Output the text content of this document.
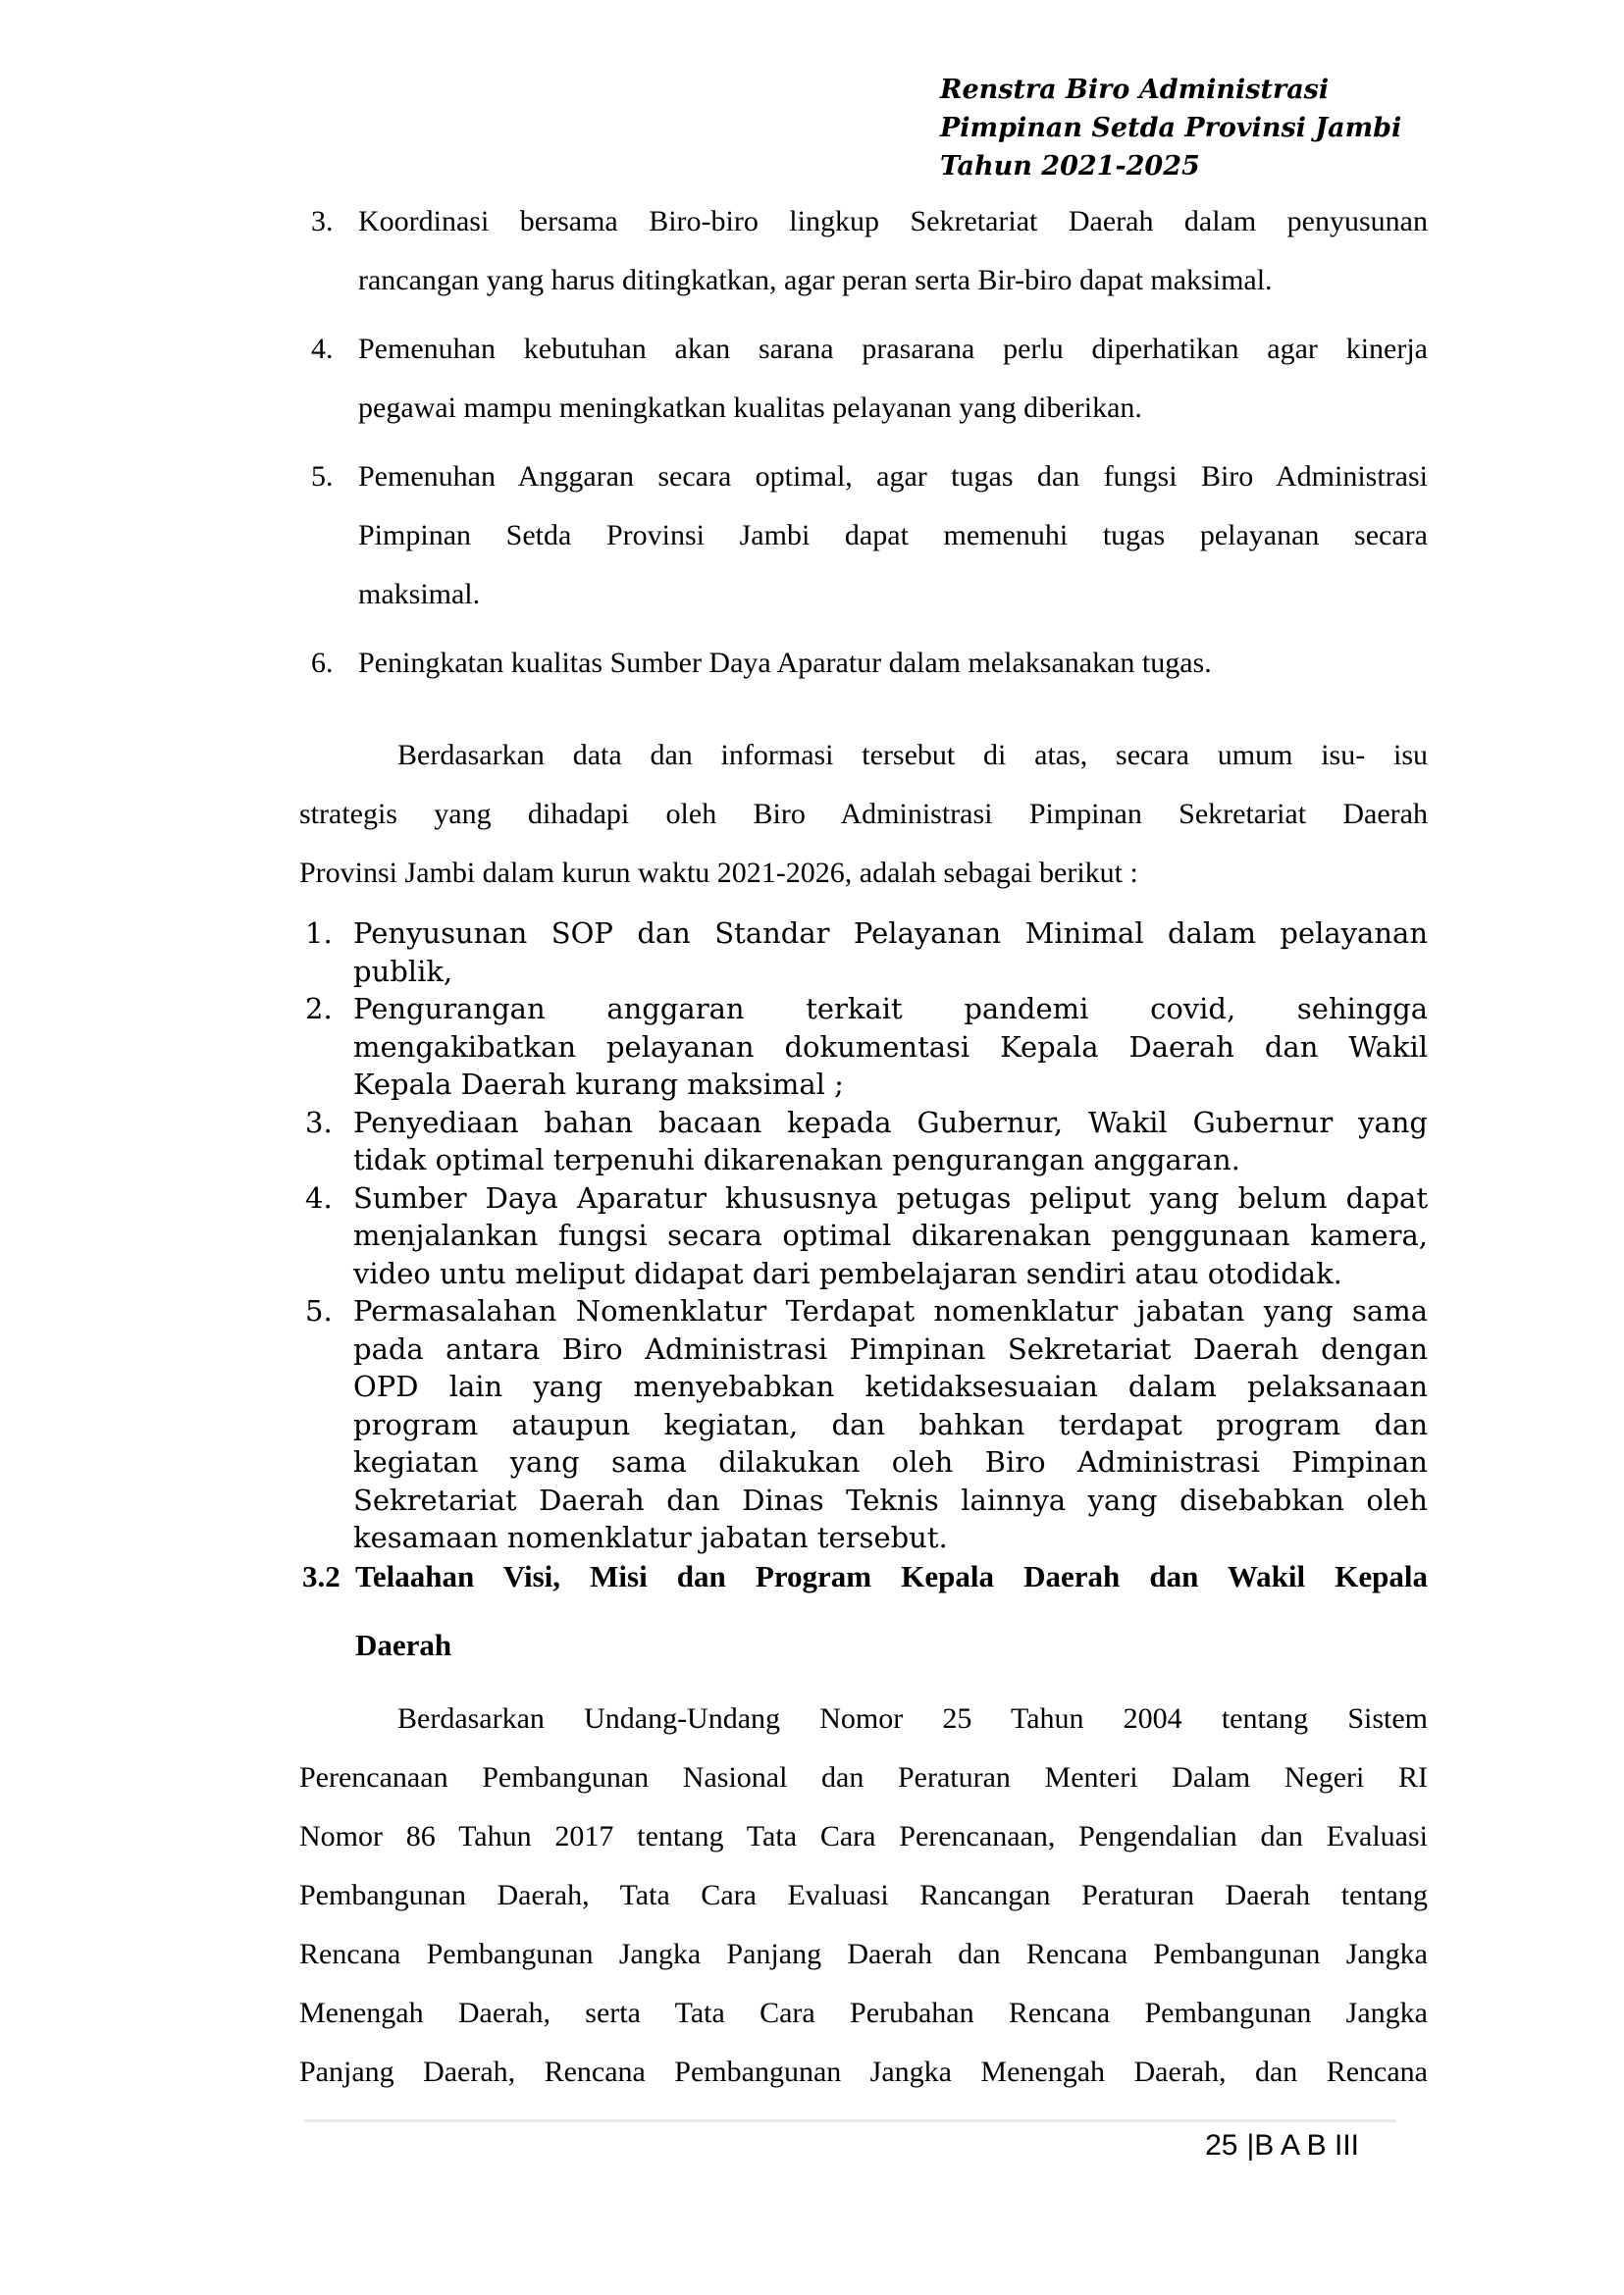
Renstra Biro Administrasi
Pimpinan Setda Provinsi Jambi
Tahun 2021-2025
3. Koordinasi bersama Biro-biro lingkup Sekretariat Daerah dalam penyusunan
rancangan yang harus ditingkatkan, agar peran serta Bir-biro dapat maksimal.
4. Pemenuhan kebutuhan akan sarana prasarana perlu diperhatikan agar kinerja
pegawai mampu meningkatkan kualitas pelayanan yang diberikan.
5. Pemenuhan Anggaran secara optimal, agar tugas dan fungsi Biro Administrasi
Pimpinan Setda Provinsi Jambi dapat memenuhi tugas pelayanan secara
maksimal.
6. Peningkatan kualitas Sumber Daya Aparatur dalam melaksanakan tugas.
Berdasarkan data dan informasi tersebut di atas, secara umum isu- isu
strategis yang dihadapi oleh Biro Administrasi Pimpinan Sekretariat Daerah
Provinsi Jambi dalam kurun waktu 2021-2026, adalah sebagai berikut :
1. Penyusunan SOP dan Standar Pelayanan Minimal dalam pelayanan
publik,
2. Pengurangan anggaran terkait pandemi covid, sehingga
mengakibatkan pelayanan dokumentasi Kepala Daerah dan Wakil
Kepala Daerah kurang maksimal ;
3. Penyediaan bahan bacaan kepada Gubernur, Wakil Gubernur yang
tidak optimal terpenuhi dikarenakan pengurangan anggaran.
4. Sumber Daya Aparatur khususnya petugas peliput yang belum dapat
menjalankan fungsi secara optimal dikarenakan penggunaan kamera,
video untu meliput didapat dari pembelajaran sendiri atau otodidak.
5. Permasalahan Nomenklatur Terdapat nomenklatur jabatan yang sama
pada antara Biro Administrasi Pimpinan Sekretariat Daerah dengan
OPD lain yang menyebabkan ketidaksesuaian dalam pelaksanaan
program ataupun kegiatan, dan bahkan terdapat program dan
kegiatan yang sama dilakukan oleh Biro Administrasi Pimpinan
Sekretariat Daerah dan Dinas Teknis lainnya yang disebabkan oleh
kesamaan nomenklatur jabatan tersebut.
3.2 Telaahan Visi, Misi dan Program Kepala Daerah dan Wakil Kepala
Daerah
Berdasarkan Undang-Undang Nomor 25 Tahun 2004 tentang Sistem
Perencanaan Pembangunan Nasional dan Peraturan Menteri Dalam Negeri RI
Nomor 86 Tahun 2017 tentang Tata Cara Perencanaan, Pengendalian dan Evaluasi
Pembangunan Daerah, Tata Cara Evaluasi Rancangan Peraturan Daerah tentang
Rencana Pembangunan Jangka Panjang Daerah dan Rencana Pembangunan Jangka
Menengah Daerah, serta Tata Cara Perubahan Rencana Pembangunan Jangka
Panjang Daerah, Rencana Pembangunan Jangka Menengah Daerah, dan Rencana
25 |B A B III
